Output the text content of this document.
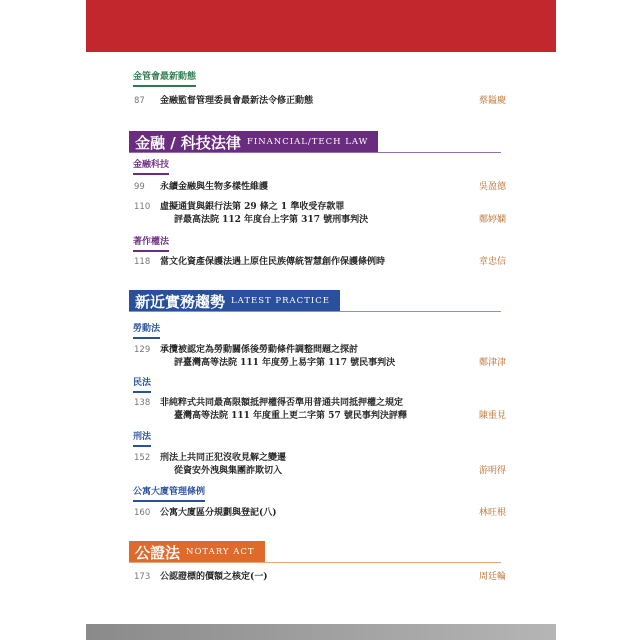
金管會最新動態
87	金融監督管理委員會最新法令修正動態	蔡鎰慶
金融 / 科技法律 FINANCIAL/TECH LAW
金融科技
99	永續金融與生物多樣性維護	吳盈德
110	虛擬通貨與銀行法第 29 條之 1 準收受存款罪
評最高法院 112 年度台上字第 317 號刑事判決	鄭婷嫻
著作權法
118	當文化資產保護法遇上原住民族傳統智慧創作保護條例時	章忠信
新近實務趨勢 LATEST PRACTICE
勞動法
129	承攬被認定為勞動關係後勞動條件調整問題之探討
評臺灣高等法院 111 年度勞上易字第 117 號民事判決	鄭津津
民法
138	非純粹式共同最高限額抵押權得否準用普通共同抵押權之規定
臺灣高等法院 111 年度重上更二字第 57 號民事判決評釋	陳重見
刑法
152	刑法上共同正犯沒收見解之變遷
從資安外洩與集團詐欺切入	游明得
公寓大廈管理條例
160	公寓大廈區分規劃與登記(八)	林旺根
公證法 NOTARY ACT
173	公認證標的價額之核定(一)	周廷輪
